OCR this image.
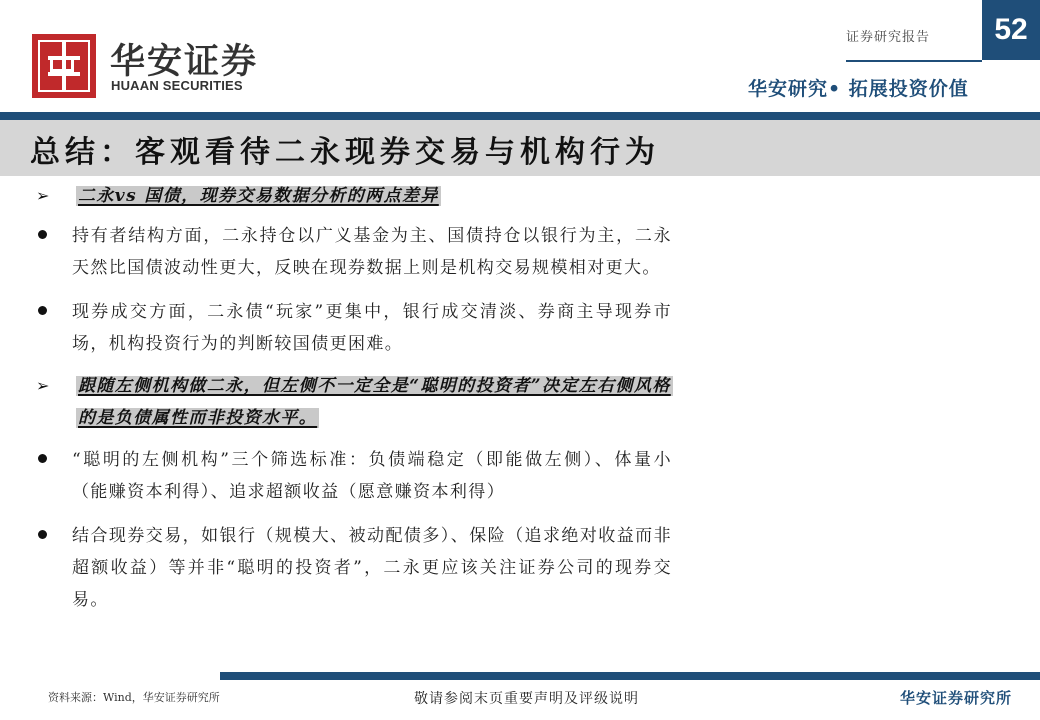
华安证券
HUAAN SECURITIES
证券研究报告	52
华安研究• 拓展投资价值
总结：客观看待二永现券交易与机构行为
➢	二永vs 国债，现券交易数据分析的两点差异
持有者结构方面，二永持仓以广义基金为主、国债持仓以银行为主，二永天然比国债波动性更大，反映在现券数据上则是机构交易规模相对更大。
现券成交方面，二永债“玩家”更集中，银行成交清淡、券商主导现券市场，机构投资行为的判断较国债更困难。
➢	跟随左侧机构做二永，但左侧不一定全是“聪明的投资者”决定左右侧风格的是负债属性而非投资水平。
“聪明的左侧机构”三个筛选标准：负债端稳定（即能做左侧）、体量小（能赚资本利得）、追求超额收益（愿意赚资本利得）
结合现券交易，如银行（规模大、被动配债多）、保险（追求绝对收益而非超额收益）等并非“聪明的投资者”，二永更应该关注证券公司的现券交易。
资料来源：Wind，华安证券研究所	敬请参阅末页重要声明及评级说明	华安证券研究所
